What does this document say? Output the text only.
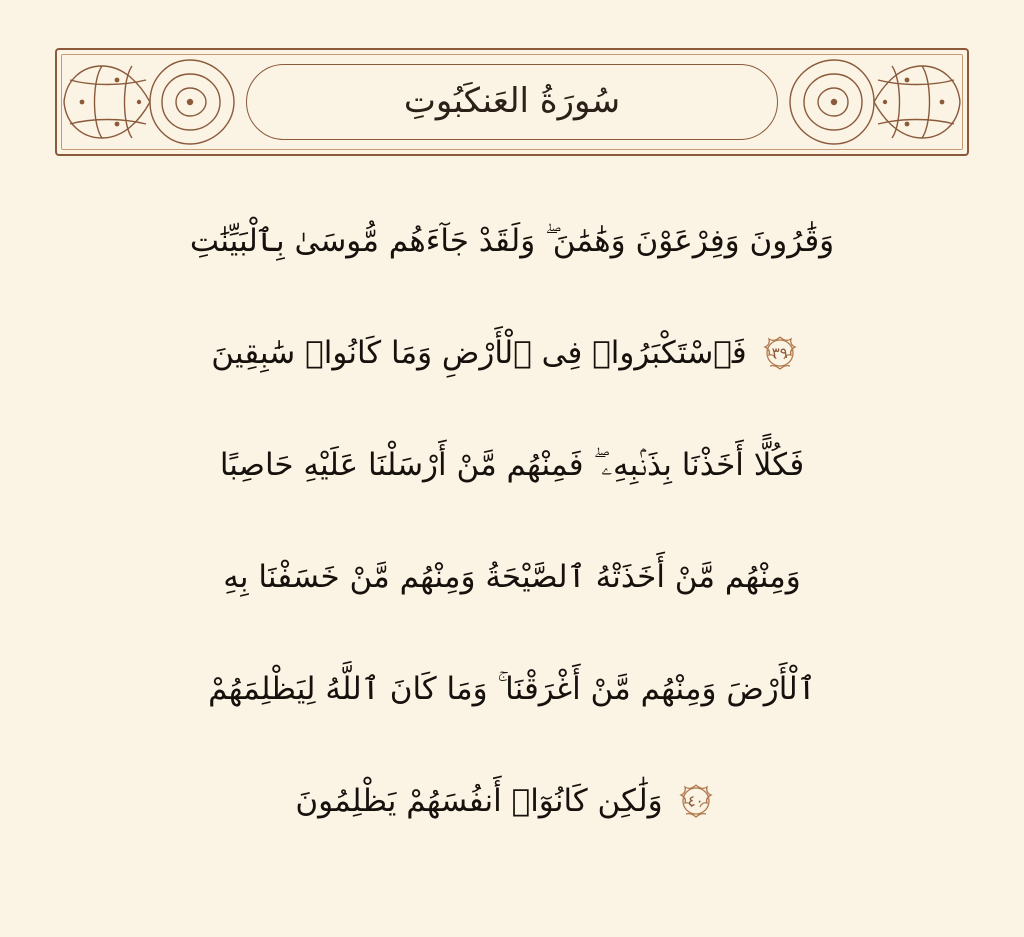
سُورَةُ العَنكَبُوتِ
وَقَٰرُونَ وَفِرْعَوْنَ وَهَٰمَٰنَ ۖ وَلَقَدْ جَآءَهُم مُّوسَىٰ بِٱلْبَيِّنَٰتِ
٣٩
فَٱسْتَكْبَرُوا۟ فِى ٱلْأَرْضِ وَمَا كَانُوا۟ سَٰبِقِينَ
فَكُلًّا أَخَذْنَا بِذَنۢبِهِۦ ۖ فَمِنْهُم مَّنْ أَرْسَلْنَا عَلَيْهِ حَاصِبًا
وَمِنْهُم مَّنْ أَخَذَتْهُ ٱلصَّيْحَةُ وَمِنْهُم مَّنْ خَسَفْنَا بِهِ
ٱلْأَرْضَ وَمِنْهُم مَّنْ أَغْرَقْنَا ۚ وَمَا كَانَ ٱللَّهُ لِيَظْلِمَهُمْ
٤٠
وَلَٰكِن كَانُوٓا۟ أَنفُسَهُمْ يَظْلِمُونَ
